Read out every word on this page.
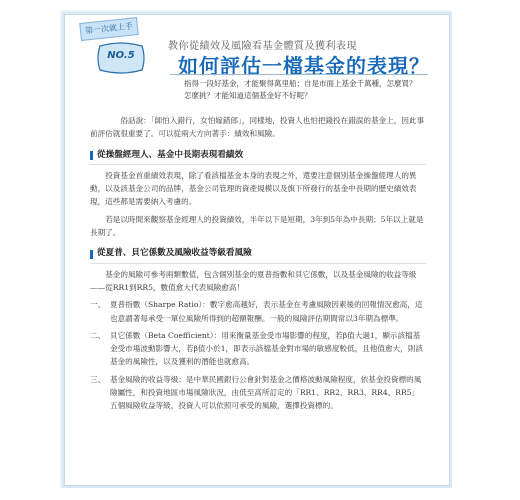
第一次就上手
NO.5
教你從績效及風險看基金體質及獲利表現
如何評估一檔基金的表現？
指得一段好基金，才能聚得萬里船；自是市面上基金千萬種，怎麼買？
怎麼挑？才能知道這個基金好不好呢？

俗話說：「師怕入錯行，女怕嫁錯郎」，同樣地，投資人也怕把錢投在錯誤的基金上，因此事前評估就很重要了。可以從兩大方向著手：績效和風險。

從操盤經理人、基金中長期表現看績效

投資基金首重績效表現，除了看該檔基金本身的表現之外，還要注意個別基金操盤經理人的異動，以及該基金公司的品牌，基金公司管理的資產規模以及旗下所發行的基金中長期的歷史績效表現，這些都是需要納入考慮的。

若是以時間來觀察基金經理人的投資績效，半年以下是短期，3年到5年為中長期；5年以上就是長期了。

從夏普、貝它係數及風險收益等級看風險

基金的風險可參考兩類數值，包含個別基金的夏普指數和貝它係數，以及基金風險的收益等級——從RR1到RR5，數值愈大代表風險愈高！

一、 夏普指數（Sharpe Ratio）：數字愈高越好，表示基金在考慮風險因素後的回報情況愈高，這也意謂著每承受一單位風險所得到的超額報酬。一般的風險評估期間常以3年期為標準。

二、 貝它係數（Beta Coefficient）：用來衡量基金受市場影響的程度，若β值大過1，顯示該檔基金受市場波動影響大，若β值小於1，即表示該檔基金對市場的敏感度較低，且他值愈大，則該基金的風險性，以及獲利的潛能也就愈高。

三、 基金風險的收益等級：是中華民國銀行公會針對基金之價格波動風險程度，依基金投資標的風險屬性，和投資地區市場風險狀況，由低至高所訂定的「RR1、RR2、RR3、RR4、RR5」五個風險收益等級，投資人可以依照可承受的風險，選擇投資標的。
